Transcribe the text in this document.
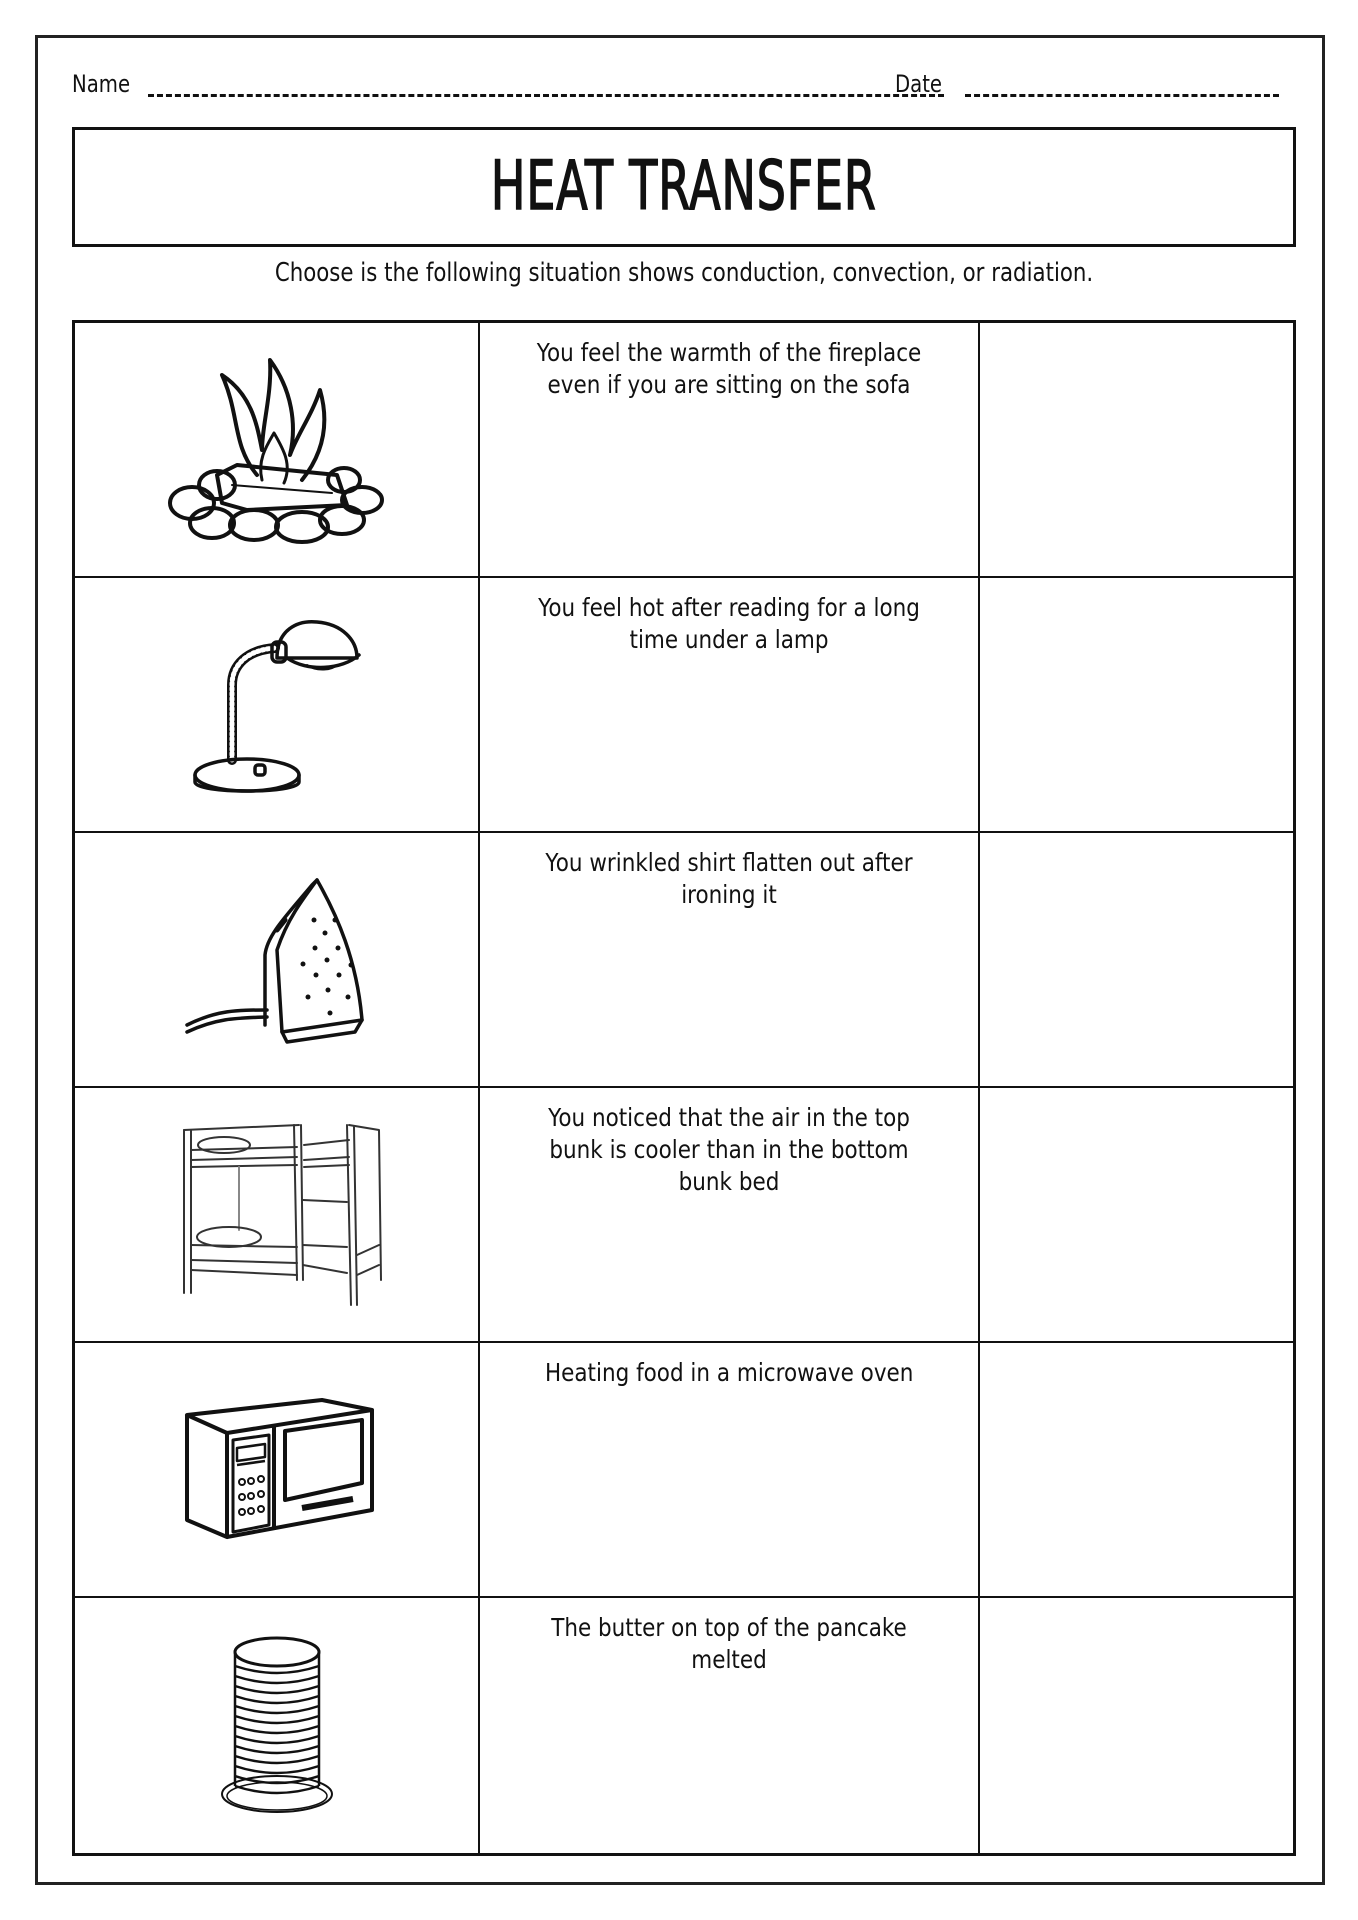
Name	Date
HEAT TRANSFER
Choose is the following situation shows conduction, convection, or radiation.
You feel the warmth of the fireplace even if you are sitting on the sofa
You feel hot after reading for a long time under a lamp
You wrinkled shirt flatten out after ironing it
You noticed that the air in the top bunk is cooler than in the bottom bunk bed
Heating food in a microwave oven
The butter on top of the pancake melted
